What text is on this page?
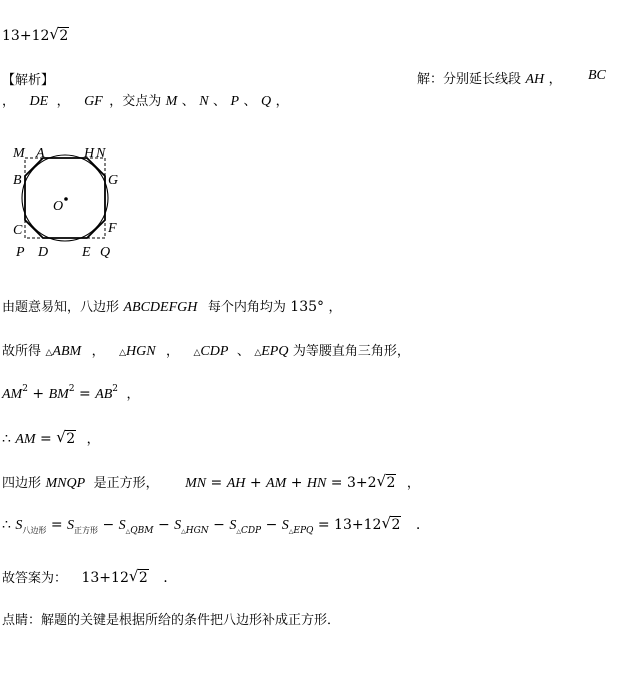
13+12 √ 2
【解析】	解：分别延长线段 AH ， BC
， DE ， GF ，交点为 M 、 N 、 P 、 Q ，
M A	H N
B	G
O
C	F
P D E Q
由题意易知，八边形 ABCDEFGH 每个内角均为 135° ，
故所得 △ABM ， △HGN ， △CDP 、 △EPQ 为等腰直角三角形，
$AM^2 + BM^2 = AB^2$ ，
∴ AM = √ 2 ，
四边形 MNQP 是正方形， MN = AH + AM + HN = 3+2 √ 2 ，
∴ $S_{八边形} = S_{正方形} - S_{\triangle QBM} - S_{\triangle HGN} - S_{\triangle CDP} - S_{\triangle EPQ} = 13+12$ √ 2 .
故答案为： 13+12 √ 2 .
点睛：解题的关键是根据所给的条件把八边形补成正方形．
